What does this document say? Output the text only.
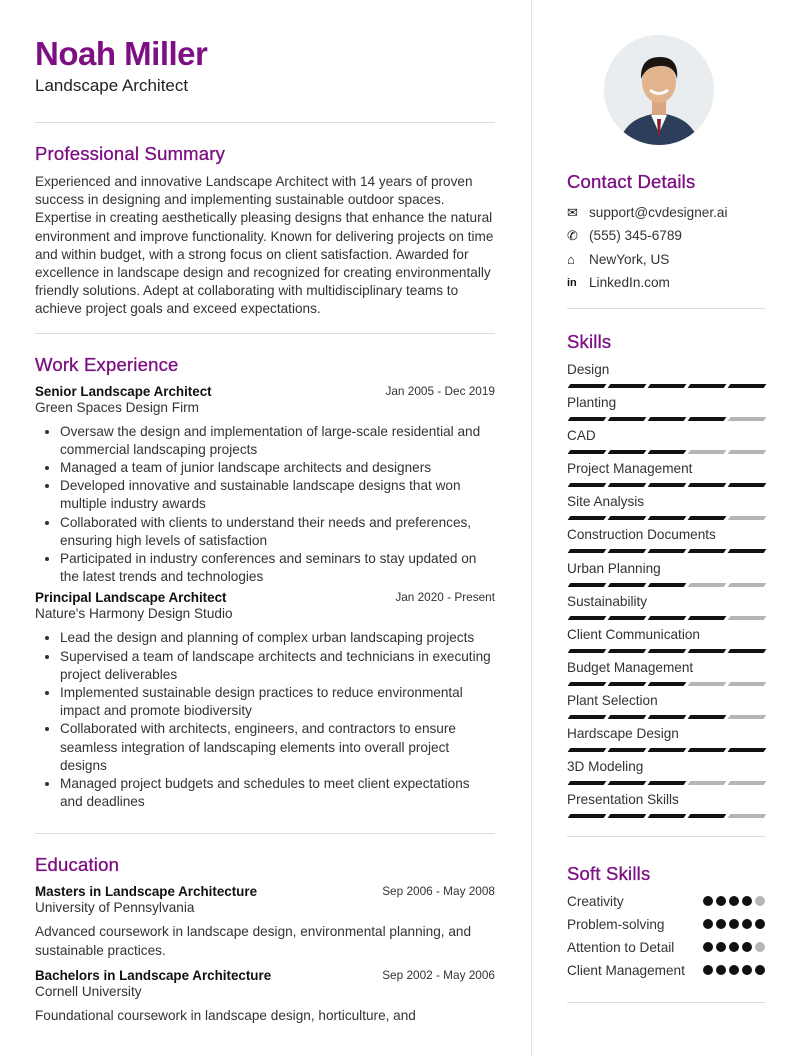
Noah Miller
Landscape Architect
Professional Summary
Experienced and innovative Landscape Architect with 14 years of proven success in designing and implementing sustainable outdoor spaces. Expertise in creating aesthetically pleasing designs that enhance the natural environment and improve functionality. Known for delivering projects on time and within budget, with a strong focus on client satisfaction. Awarded for excellence in landscape design and recognized for creating environmentally friendly solutions. Adept at collaborating with multidisciplinary teams to achieve project goals and exceed expectations.
Work Experience
Senior Landscape Architect	Jan 2005 - Dec 2019
Green Spaces Design Firm
• Oversaw the design and implementation of large-scale residential and commercial landscaping projects
• Managed a team of junior landscape architects and designers
• Developed innovative and sustainable landscape designs that won multiple industry awards
• Collaborated with clients to understand their needs and preferences, ensuring high levels of satisfaction
• Participated in industry conferences and seminars to stay updated on the latest trends and technologies
Principal Landscape Architect	Jan 2020 - Present
Nature's Harmony Design Studio
• Lead the design and planning of complex urban landscaping projects
• Supervised a team of landscape architects and technicians in executing project deliverables
• Implemented sustainable design practices to reduce environmental impact and promote biodiversity
• Collaborated with architects, engineers, and contractors to ensure seamless integration of landscaping elements into overall project designs
• Managed project budgets and schedules to meet client expectations and deadlines
Education
Masters in Landscape Architecture	Sep 2006 - May 2008
University of Pennsylvania
Advanced coursework in landscape design, environmental planning, and sustainable practices.
Bachelors in Landscape Architecture	Sep 2002 - May 2006
Cornell University
Foundational coursework in landscape design, horticulture, and
Contact Details
✉ support@cvdesigner.ai
✆ (555) 345-6789
⌂	NewYork, US
in LinkedIn.com
Skills
Design
Planting
CAD
Project Management
Site Analysis
Construction Documents
Urban Planning
Sustainability
Client Communication
Budget Management
Plant Selection
Hardscape Design
3D Modeling
Presentation Skills
Soft Skills
Creativity
Problem-solving
Attention to Detail
Client Management
